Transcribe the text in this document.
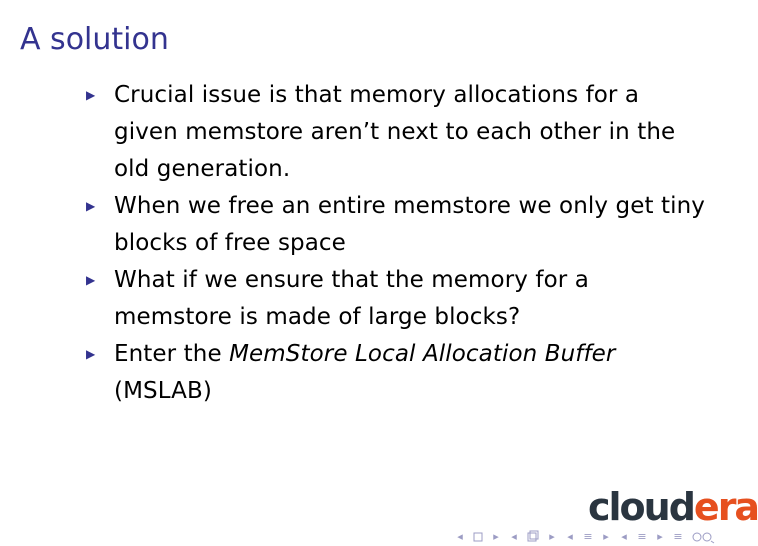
A solution
▶ Crucial issue is that memory allocations for a given memstore aren’t next to each other in the old generation.
▶ When we free an entire memstore we only get tiny blocks of free space
▶ What if we ensure that the memory for a memstore is made of large blocks?
▶ Enter the MemStore Local Allocation Buffer (MSLAB)
cloudera
◂	▸ ◂	▸ ◂ ≡ ▸ ◂ ≡ ▸ ≡
